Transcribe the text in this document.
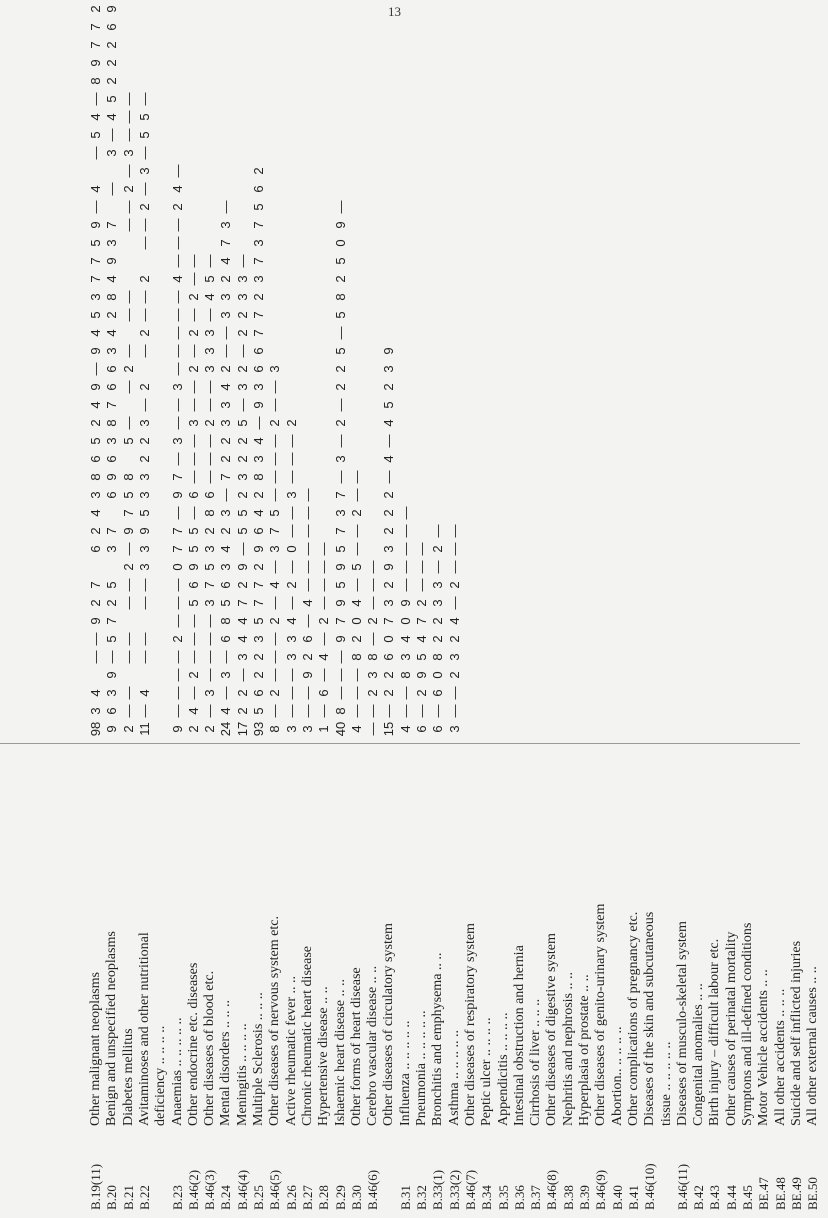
13
B.19(11)
Other malignant neoplasms
98
3
4
—
—
9
2
7
6
2
4
3
8
6
5
2
4
9
—
9
4
5
3
7
7
5
9
—
4
—
5
4
—
8
9
7
7
2
B.20
Benign and unspecified neoplasms
9
6
3
9
—
5
7
2
5
3
7
6
9
6
3
8
7
6
6
3
4
2
8
4
9
3
7
—
3
—
4
5
2
2
2
6
9
B.21
Diabetes mellitus
2
—
—
—
—
—
—
2
—
9
7
5
8
5
—
—
2
—
—
—
—
—
2
—
3
—
—
—
B.22
Avitaminoses and other nutritional
11
—
4
—
—
—
—
3
3
9
5
3
3
2
2
3
—
2
—
2
—
—
2
—
—
2
—
3
—
5
5
—
deficiency .. .. .. ..
B.23
Anaemias .. .. .. .. ..
9
—
—
—
—
2
—
—
—
0
7
7
—
9
7
—
3
—
—
3
—
—
—
—
—
4
—
—
—
2
4
—
B.46(2)
Other endocrine etc. diseases
2
4
—
2
—
—
—
5
6
9
5
5
—
6
—
—
—
3
—
—
2
—
2
—
2
—
—
B.46(3)
Other diseases of blood etc.
2
—
3
—
—
—
—
3
7
5
3
2
8
6
—
—
—
2
—
—
3
3
3
—
4
5
—
B.24
Mental disorders .. .. ..
24
4
—
3
—
6
8
5
6
3
4
2
3
—
7
2
2
3
3
4
2
—
—
3
3
2
4
7
3
—
B.46(4)
Meningitis .. .. .. ..
17
2
2
—
3
4
4
7
2
9
—
5
5
2
3
2
2
5
—
3
2
—
2
2
3
3
—
B.25
Multiple Sclerosis .. .. ..
93
5
6
2
2
3
5
7
7
2
9
6
4
2
8
3
4
—
9
3
6
6
7
7
2
3
7
3
7
5
6
2
B.46(5)
Other diseases of nervous system etc.
8
—
2
—
—
—
2
—
4
—
3
7
5
—
—
—
—
2
—
—
3
B.26
Active rheumatic fever .. ..
3
—
—
—
3
3
4
—
2
—
0
—
—
3
—
—
—
2
B.27
Chronic rheumatic heart disease
3
—
—
9
2
6
—
4
—
—
—
—
—
—
B.28
Hypertensive disease .. ..
1
—
6
—
4
—
2
—
—
—
—
B.29
Ishaemic heart disease .. ..
40
8
—
—
—
9
7
9
5
9
5
7
3
7
—
3
—
2
—
2
2
5
—
5
8
2
5
0
9
—
B.30
Other forms of heart disease
4
—
—
—
8
2
0
4
—
5
—
—
2
—
—
B.46(6)
Cerebro vascular disease .. ..
—
—
2
3
8
—
2
—
—
—
Other diseases of circulatory system
15
—
2
2
6
0
7
3
2
9
3
2
2
2
—
4
—
4
5
2
3
9
B.31
Influenza .. .. .. .. ..
4
—
—
8
3
4
0
9
—
—
—
—
—
B.32
Pneumonia .. .. .. .. ..
6
—
2
9
5
4
7
2
—
—
—
B.33(1)
Bronchitis and emphysema .. ..
6
—
6
0
8
2
2
3
3
—
2
—
B.33(2)
Asthma .. .. .. .. ..
3
—
—
2
3
2
4
—
2
—
—
—
B.46(7)
Other diseases of respiratory system
B.34
Peptic ulcer .. .. .. ..
B.35
Appendicitis .. .. .. ..
B.36
Intestinal obstruction and hernia
B.37
Cirrhosis of liver .. .. ..
B.46(8)
Other diseases of digestive system
B.38
Nephritis and nephrosis .. ..
B.39
Hyperplasia of prostate .. ..
B.46(9)
Other diseases of genito-urinary system
B.40
Abortion.. .. .. .. ..
B.41
Other complications of pregnancy etc.
B.46(10)
Diseases of the skin and subcutaneous tissue .. .. .. .. ..
B.46(11)
Diseases of musculo-skeletal system
B.42
Congenital anomalies .. ..
B.43
Birth injury – difficult labour etc.
B.44
Other causes of perinatal mortality
B.45
Symptons and ill-defined conditions
BE.47
Motor Vehicle accidents .. ..
BE.48
All other accidents .. .. ..
BE.49
Suicide and self inflicted injuries
BE.50
All other external causes .. ..
